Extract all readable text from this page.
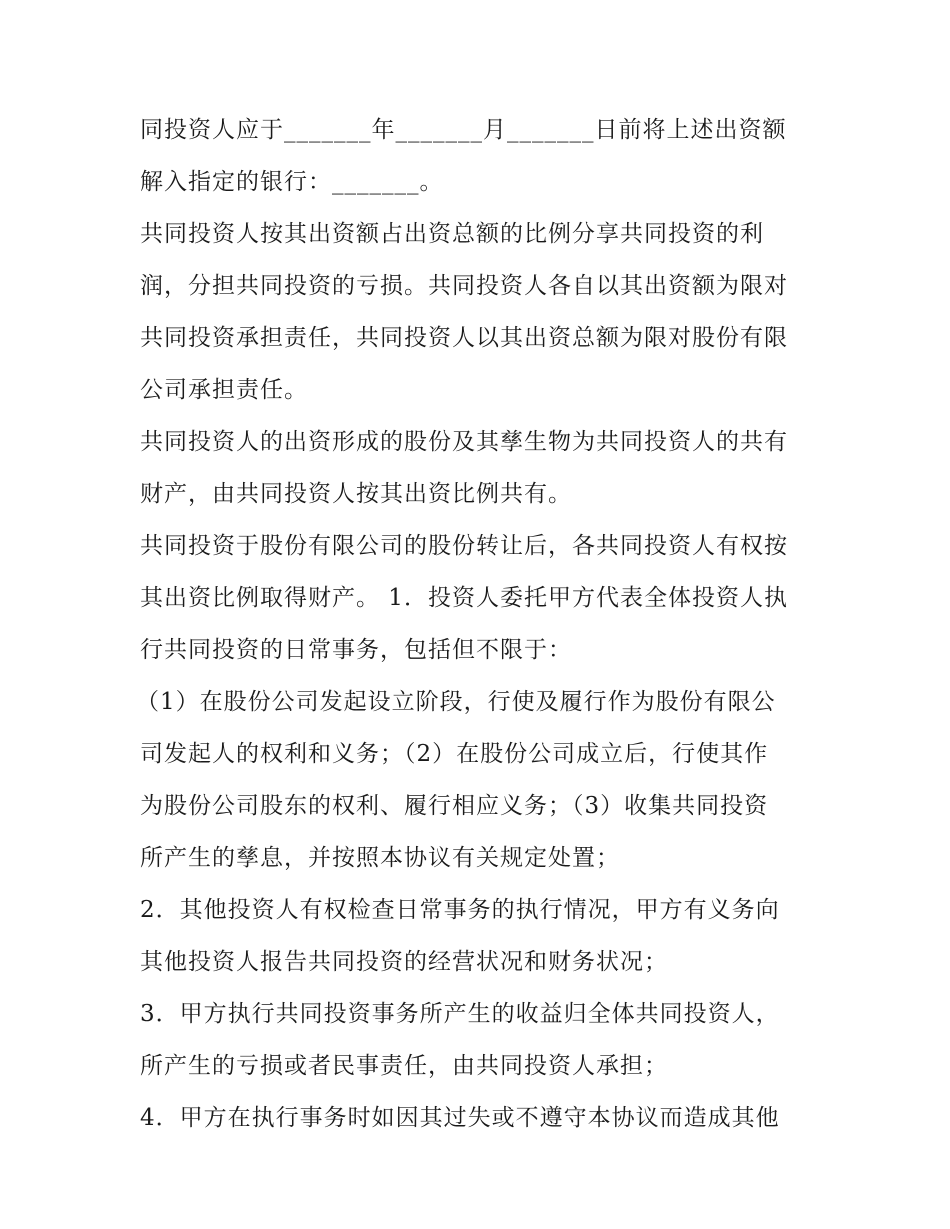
同投资人应于_______年_______月_______日前将上述出资额
解入指定的银行：_______。
共同投资人按其出资额占出资总额的比例分享共同投资的利
润，分担共同投资的亏损。共同投资人各自以其出资额为限对
共同投资承担责任，共同投资人以其出资总额为限对股份有限
公司承担责任。
共同投资人的出资形成的股份及其孳生物为共同投资人的共有
财产，由共同投资人按其出资比例共有。
共同投资于股份有限公司的股份转让后，各共同投资人有权按
其出资比例取得财产。 1．投资人委托甲方代表全体投资人执
行共同投资的日常事务，包括但不限于：
（1）在股份公司发起设立阶段，行使及履行作为股份有限公
司发起人的权利和义务；（2）在股份公司成立后，行使其作
为股份公司股东的权利、履行相应义务；（3）收集共同投资
所产生的孳息，并按照本协议有关规定处置；
2．其他投资人有权检查日常事务的执行情况，甲方有义务向
其他投资人报告共同投资的经营状况和财务状况；
3．甲方执行共同投资事务所产生的收益归全体共同投资人，
所产生的亏损或者民事责任，由共同投资人承担；
4．甲方在执行事务时如因其过失或不遵守本协议而造成其他
